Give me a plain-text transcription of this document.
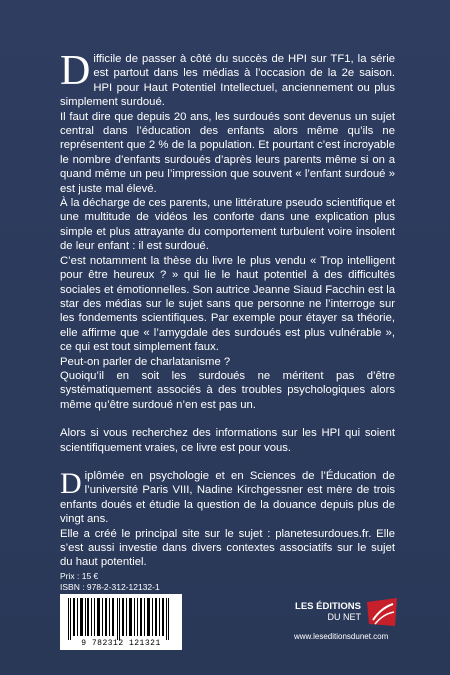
Difficile de passer à côté du succès de HPI sur TF1, la série est partout dans les médias à l’occasion de la 2e saison. HPI pour Haut Potentiel Intellectuel, anciennement ou plus simplement surdoué.

Il faut dire que depuis 20 ans, les surdoués sont devenus un sujet central dans l’éducation des enfants alors même qu’ils ne représentent que 2 % de la population. Et pourtant c’est incroyable le nombre d’enfants surdoués d’après leurs parents même si on a quand même un peu l’impression que souvent « l’enfant surdoué » est juste mal élevé.

À la décharge de ces parents, une littérature pseudo scientifique et une multitude de vidéos les conforte dans une explication plus simple et plus attrayante du comportement turbulent voire insolent de leur enfant : il est surdoué.

C’est notamment la thèse du livre le plus vendu « Trop intelligent pour être heureux ? » qui lie le haut potentiel à des difficultés sociales et émotionnelles. Son autrice Jeanne Siaud Facchin est la star des médias sur le sujet sans que personne ne l’interroge sur les fondements scientifiques. Par exemple pour étayer sa théorie, elle affirme que « l’amygdale des surdoués est plus vulnérable », ce qui est tout simplement faux.

Peut-on parler de charlatanisme ?

Quoiqu’il en soit les surdoués ne méritent pas d’être systématiquement associés à des troubles psychologiques alors même qu’être surdoué n’en est pas un.

Alors si vous recherchez des informations sur les HPI qui soient scientifiquement vraies, ce livre est pour vous.

Diplômée en psychologie et en Sciences de l’Éducation de l’université Paris VIII, Nadine Kirchgessner est mère de trois enfants doués et étudie la question de la douance depuis plus de vingt ans.

Elle a créé le principal site sur le sujet : planetesurdoues.fr. Elle s’est aussi investie dans divers contextes associatifs sur le sujet du haut potentiel.

Prix : 15 €
ISBN : 978-2-312-12132-1
9 782312 121321
LES ÉDITIONS
DU NET
www.leseditionsdunet.com
